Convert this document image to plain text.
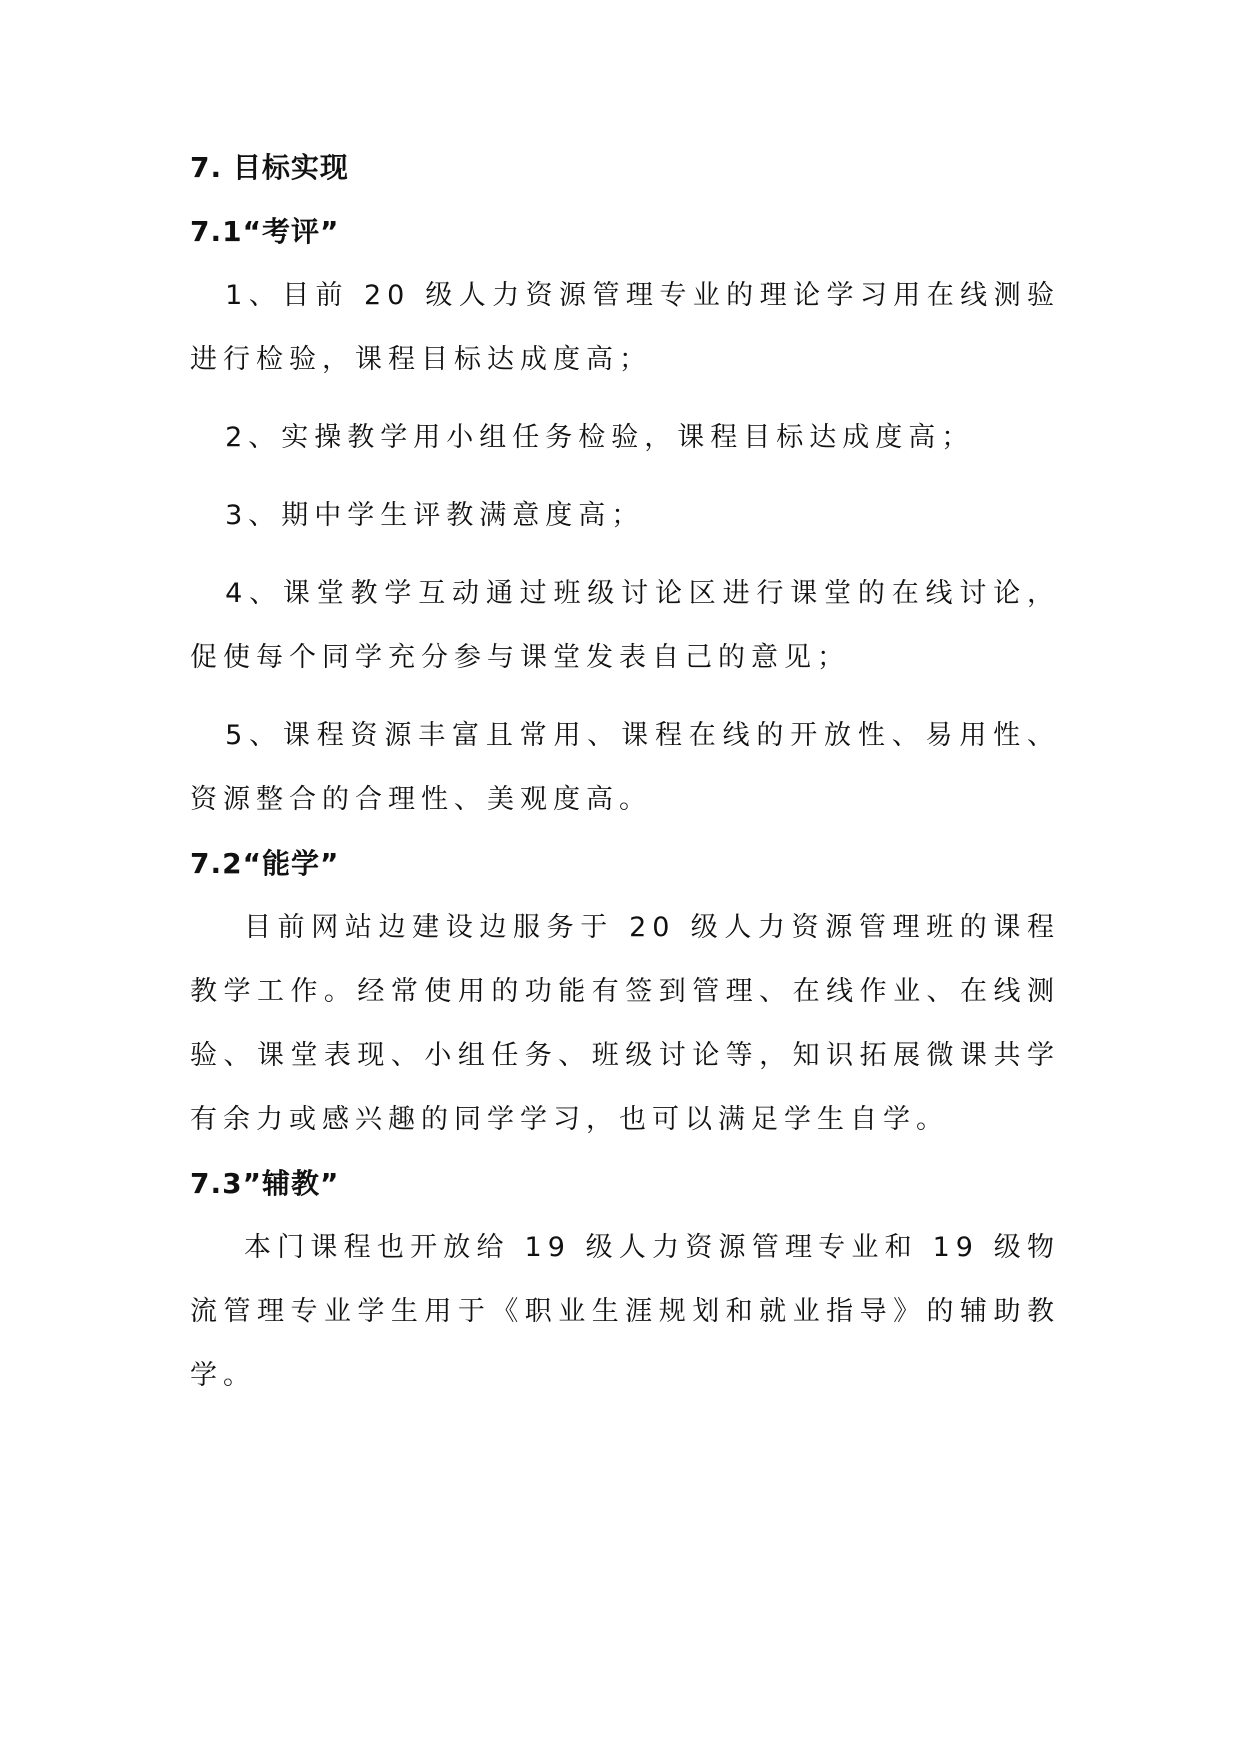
7. 目标实现
7.1“考评”

1、目前 20 级人力资源管理专业的理论学习用在线测验进行检验，课程目标达成度高；

2、实操教学用小组任务检验，课程目标达成度高；

3、期中学生评教满意度高；

4、课堂教学互动通过班级讨论区进行课堂的在线讨论，促使每个同学充分参与课堂发表自己的意见；

5、课程资源丰富且常用、课程在线的开放性、易用性、资源整合的合理性、美观度高。

7.2“能学”

目前网站边建设边服务于 20 级人力资源管理班的课程教学工作。经常使用的功能有签到管理、在线作业、在线测验、课堂表现、小组任务、班级讨论等，知识拓展微课共学有余力或感兴趣的同学学习，也可以满足学生自学。

7.3”辅教”

本门课程也开放给 19 级人力资源管理专业和 19 级物流管理专业学生用于《职业生涯规划和就业指导》的辅助教学。
